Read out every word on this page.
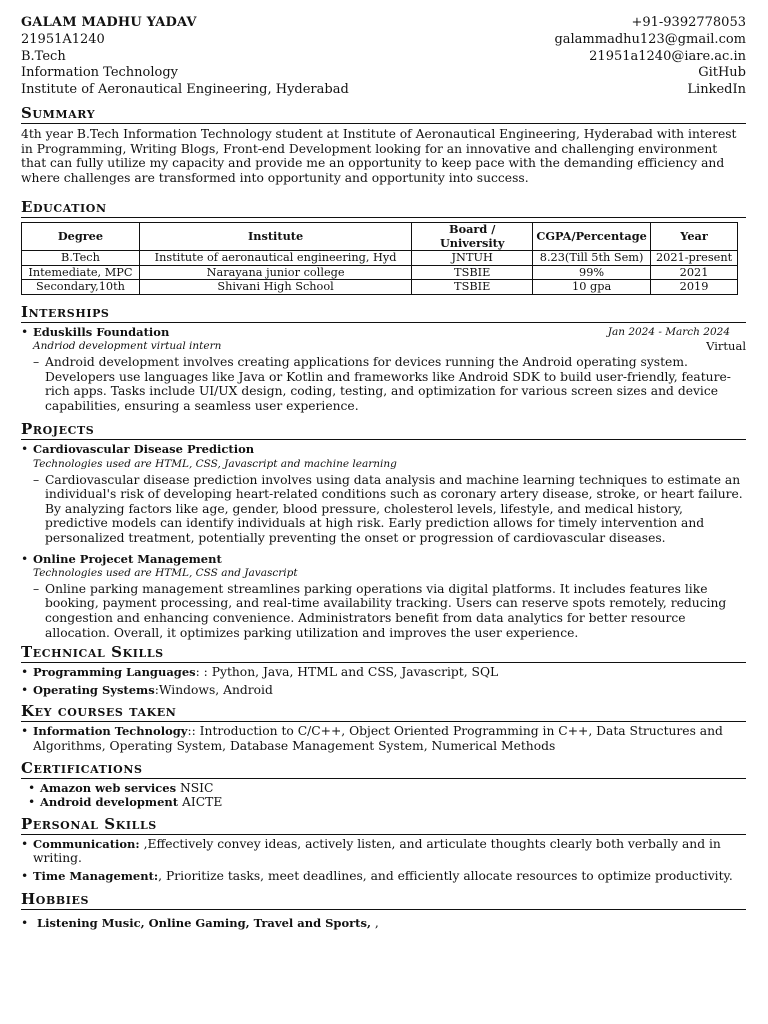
GALAM MADHU YADAV
21951A1240
B.Tech
Information Technology
Institute of Aeronautical Engineering, Hyderabad
+91-9392778053
galammadhu123@gmail.com
21951a1240@iare.ac.in
GitHub
LinkedIn
Summary

4th year B.Tech Information Technology student at Institute of Aeronautical Engineering, Hyderabad with interest in Programming, Writing Blogs, Front-end Development looking for an innovative and challenging environment that can fully utilize my capacity and provide me an opportunity to keep pace with the demanding efficiency and where challenges are transformed into opportunity and opportunity into success.

Education
Degree	Institute	Board / University	CGPA/Percentage	Year
B.Tech	Institute of aeronautical engineering, Hyd	JNTUH	8.23(Till 5th Sem)	2021-present
Intemediate, MPC	Narayana junior college	TSBIE	99%	2021
Secondary,10th	Shivani High School	TSBIE	10 gpa	2019
Interships
• Eduskills Foundation	Jan 2024 - March 2024
Andriod development virtual intern	Virtual
– Android development involves creating applications for devices running the Android operating system. Developers use languages like Java or Kotlin and frameworks like Android SDK to build user-friendly, feature-rich apps. Tasks include UI/UX design, coding, testing, and optimization for various screen sizes and device capabilities, ensuring a seamless user experience.
Projects
• Cardiovascular Disease Prediction
Technologies used are HTML, CSS, Javascript and machine learning
– Cardiovascular disease prediction involves using data analysis and machine learning techniques to estimate an individual's risk of developing heart-related conditions such as coronary artery disease, stroke, or heart failure. By analyzing factors like age, gender, blood pressure, cholesterol levels, lifestyle, and medical history, predictive models can identify individuals at high risk. Early prediction allows for timely intervention and personalized treatment, potentially preventing the onset or progression of cardiovascular diseases.
• Online Projecet Management
Technologies used are HTML, CSS and Javascript
– Online parking management streamlines parking operations via digital platforms. It includes features like booking, payment processing, and real-time availability tracking. Users can reserve spots remotely, reducing congestion and enhancing convenience. Administrators benefit from data analytics for better resource allocation. Overall, it optimizes parking utilization and improves the user experience.
Technical Skills
• Programming Languages: : Python, Java, HTML and CSS, Javascript, SQL
• Operating Systems:Windows, Android
Key courses taken
• Information Technology:: Introduction to C/C++, Object Oriented Programming in C++, Data Structures and Algorithms, Operating System, Database Management System, Numerical Methods
Certifications
• Amazon web services NSIC
• Android development AICTE
Personal Skills
• Communication: ,Effectively convey ideas, actively listen, and articulate thoughts clearly both verbally and in writing.
• Time Management:, Prioritize tasks, meet deadlines, and efficiently allocate resources to optimize productivity.
Hobbies
• Listening Music, Online Gaming, Travel and Sports, ,
